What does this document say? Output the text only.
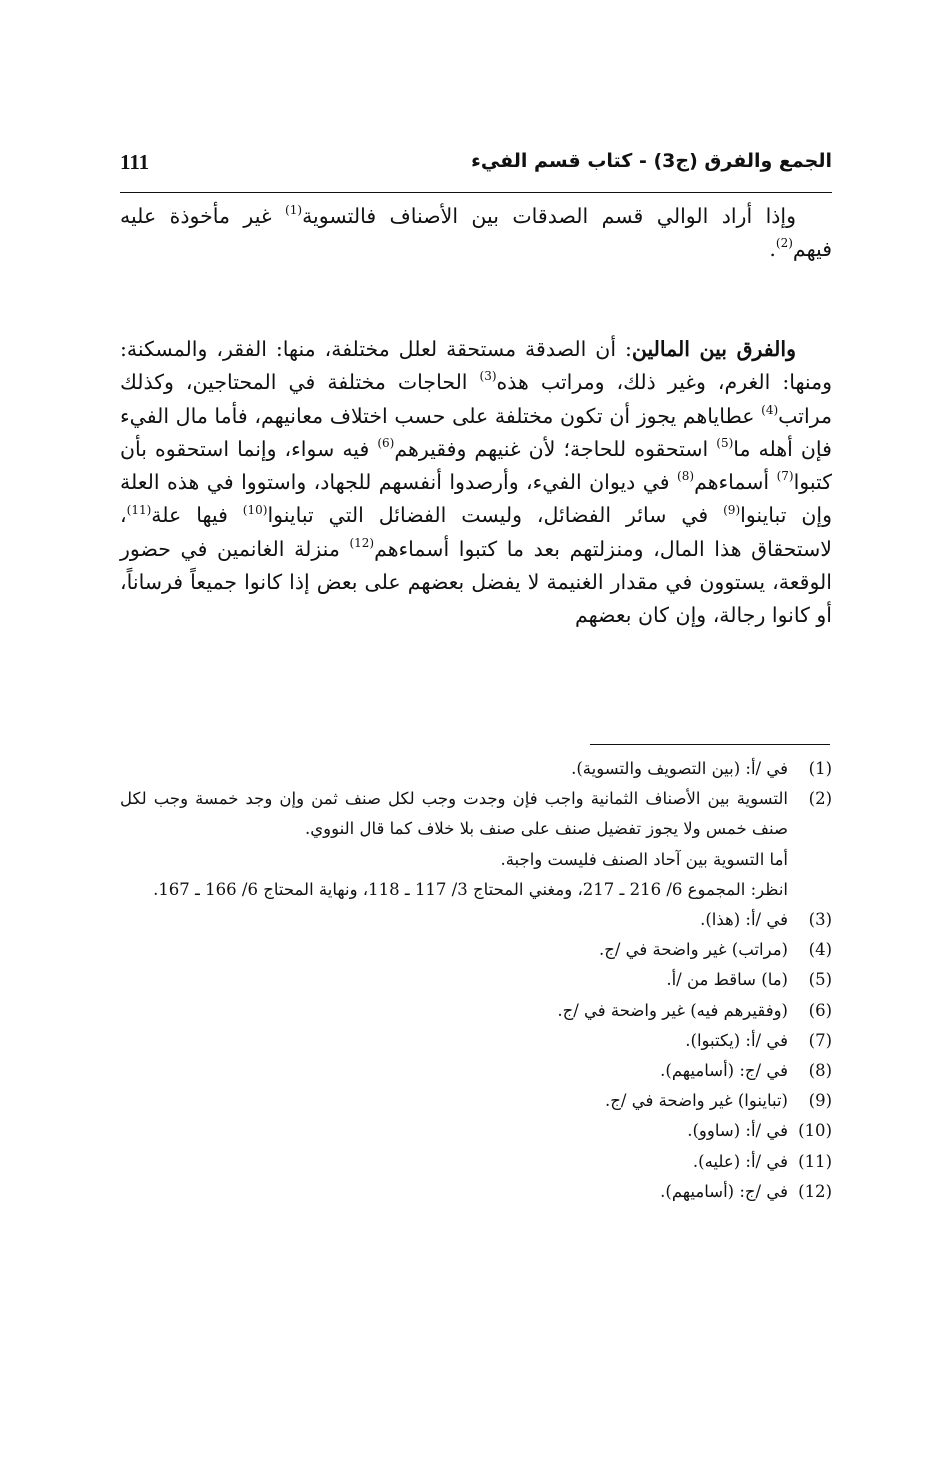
الجمع والفرق (ج3) - كتاب قسم الفيء
111

وإذا أراد الوالي قسم الصدقات بين الأصناف فالتسوية$^{(1)}$ غير مأخوذة عليه فيهم$^{(2)}$.

والفرق بين المالين: أن الصدقة مستحقة لعلل مختلفة، منها: الفقر، والمسكنة: ومنها: الغرم، وغير ذلك، ومراتب هذه$^{(3)}$ الحاجات مختلفة في المحتاجين، وكذلك مراتب$^{(4)}$ عطاياهم يجوز أن تكون مختلفة على حسب اختلاف معانيهم، فأما مال الفيء فإن أهله ما$^{(5)}$ استحقوه للحاجة؛ لأن غنيهم وفقيرهم$^{(6)}$ فيه سواء، وإنما استحقوه بأن كتبوا$^{(7)}$ أسماءهم$^{(8)}$ في ديوان الفيء، وأرصدوا أنفسهم للجهاد، واستووا في هذه العلة وإن تباينوا$^{(9)}$ في سائر الفضائل، وليست الفضائل التي تباينوا$^{(10)}$ فيها علة$^{(11)}$، لاستحقاق هذا المال، ومنزلتهم بعد ما كتبوا أسماءهم$^{(12)}$ منزلة الغانمين في حضور الوقعة، يستوون في مقدار الغنيمة لا يفضل بعضهم على بعض إذا كانوا جميعاً فرساناً، أو كانوا رجالة، وإن كان بعضهم

(1)
في /أ: (بين التصويف والتسوية).
(2)
التسوية بين الأصناف الثمانية واجب فإن وجدت وجب لكل صنف ثمن وإن وجد خمسة وجب لكل صنف خمس ولا يجوز تفضيل صنف على صنف بلا خلاف كما قال النووي.
أما التسوية بين آحاد الصنف فليست واجبة.
انظر: المجموع 6/ 216 ـ 217، ومغني المحتاج 3/ 117 ـ 118، ونهاية المحتاج 6/ 166 ـ 167.
(3)
في /أ: (هذا).
(4)
(مراتب) غير واضحة في /ج.
(5)
(ما) ساقط من /أ.
(6)
(وفقيرهم فيه) غير واضحة في /ج.
(7)
في /أ: (يكتبوا).
(8)
في /ج: (أساميهم).
(9)
(تباينوا) غير واضحة في /ج.
(10)
في /أ: (ساوو).
(11)
في /أ: (عليه).
(12)
في /ج: (أساميهم).
